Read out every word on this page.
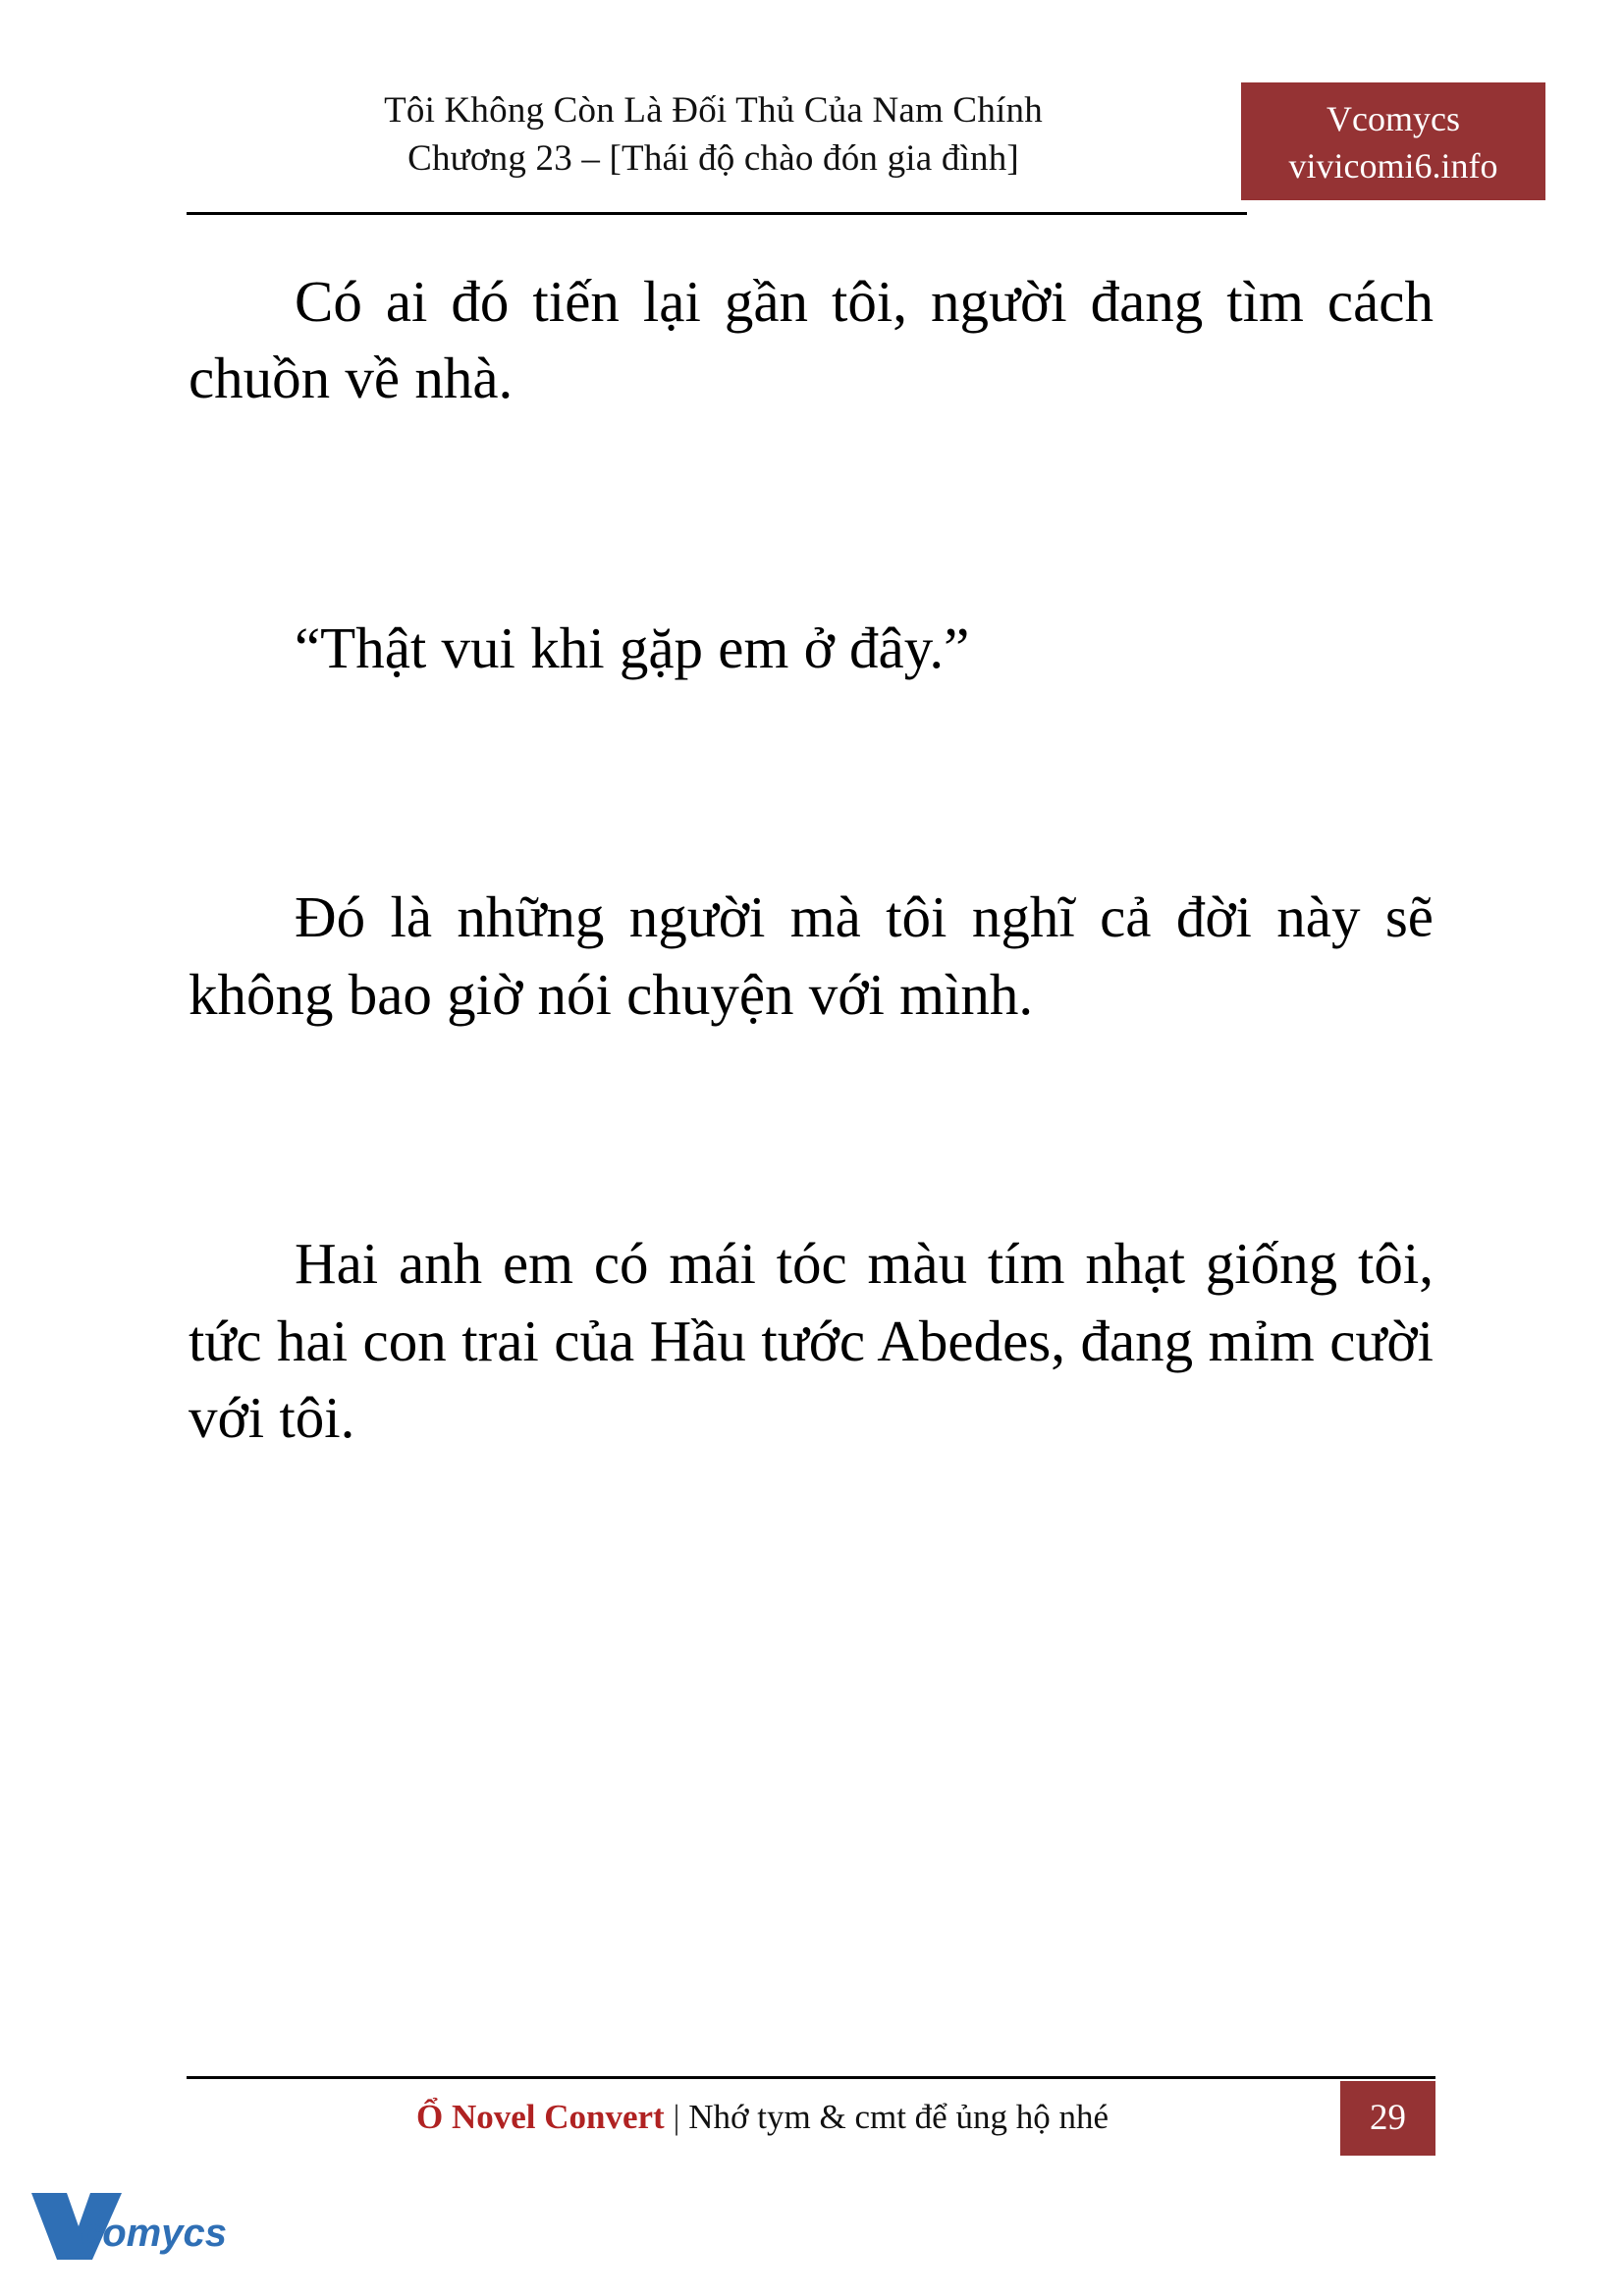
Tôi Không Còn Là Đối Thủ Của Nam Chính
Chương 23 – [Thái độ chào đón gia đình]
Vcomycs
vivicomi6.info

Có ai đó tiến lại gần tôi, người đang tìm cách chuồn về nhà.

“Thật vui khi gặp em ở đây.”

Đó là những người mà tôi nghĩ cả đời này sẽ không bao giờ nói chuyện với mình.

Hai anh em có mái tóc màu tím nhạt giống tôi, tức hai con trai của Hầu tước Abedes, đang mỉm cười với tôi.

Ổ Novel Convert | Nhớ tym & cmt để ủng hộ nhé	29
comycs
